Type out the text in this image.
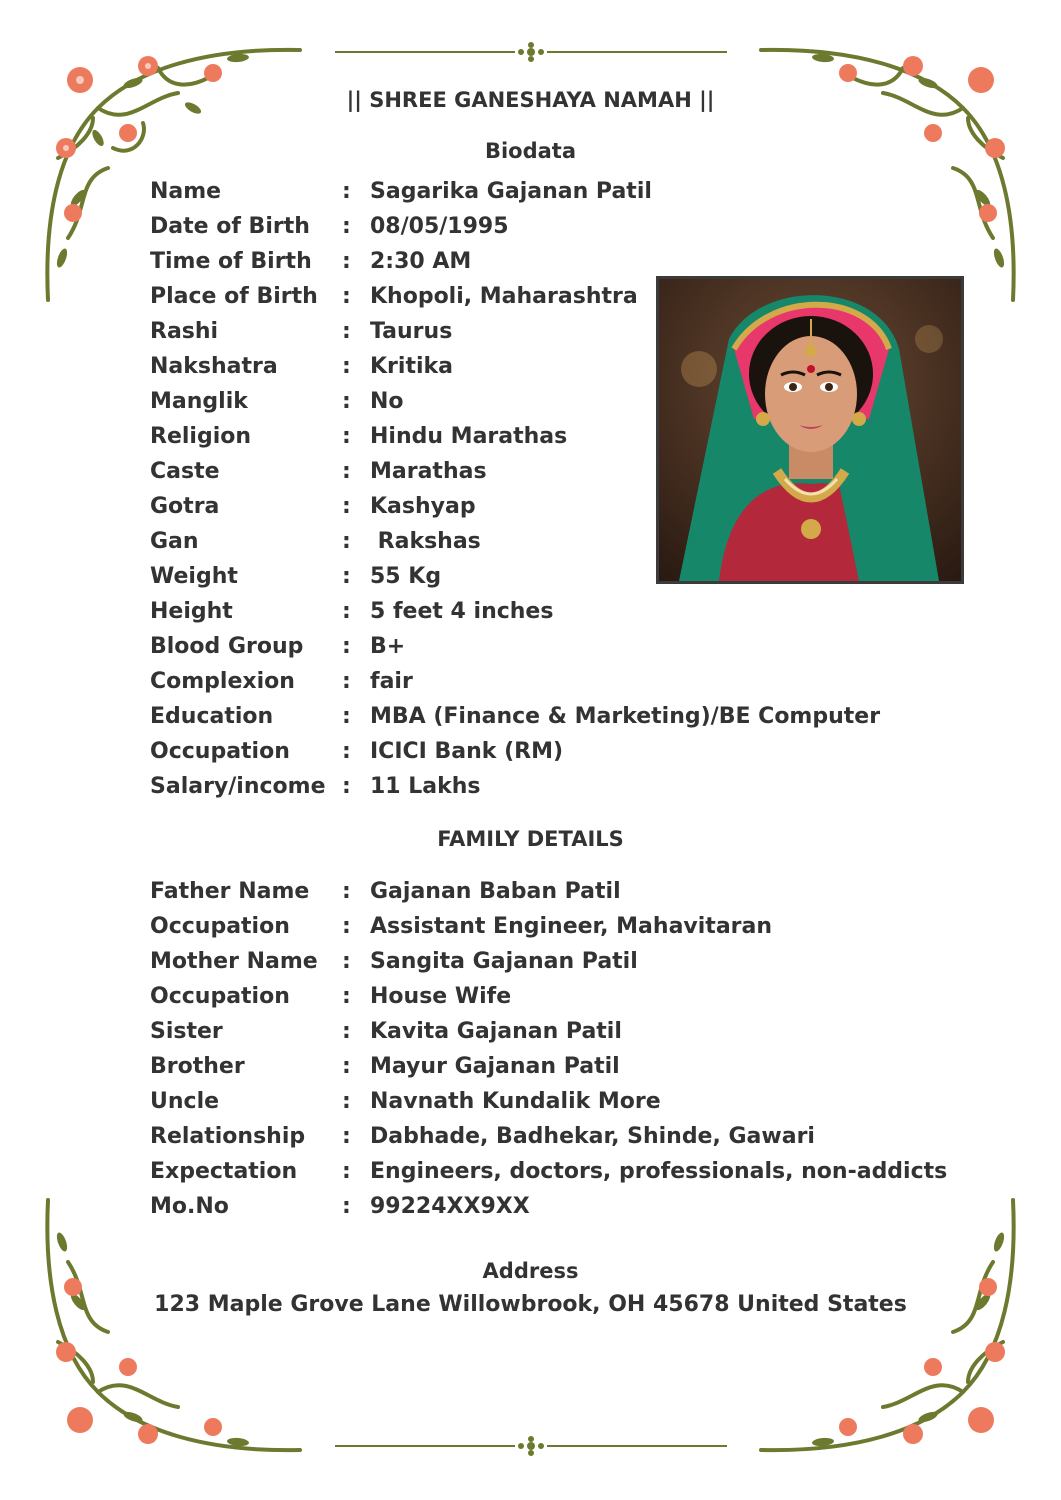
|| SHREE GANESHAYA NAMAH ||
Biodata
Name	: Sagarika Gajanan Patil
Date of Birth	: 08/05/1995
Time of Birth	: 2:30 AM
Place of Birth	: Khopoli, Maharashtra
Rashi	: Taurus
Nakshatra	: Kritika
Manglik	: No
Religion	: Hindu Marathas
Caste	: Marathas
Gotra	: Kashyap
Gan	: Rakshas
Weight	: 55 Kg
Height	: 5 feet 4 inches
Blood Group	: B+
Complexion	: fair
Education	: MBA (Finance & Marketing)/BE Computer
Occupation	: ICICI Bank (RM)
Salary/income : 11 Lakhs
FAMILY DETAILS
Father Name	: Gajanan Baban Patil
Occupation	: Assistant Engineer, Mahavitaran
Mother Name	: Sangita Gajanan Patil
Occupation	: House Wife
Sister	: Kavita Gajanan Patil
Brother	: Mayur Gajanan Patil
Uncle	: Navnath Kundalik More
Relationship	: Dabhade, Badhekar, Shinde, Gawari
Expectation	: Engineers, doctors, professionals, non-addicts
Mo.No	: 99224XX9XX
Address
123 Maple Grove Lane Willowbrook, OH 45678 United States
